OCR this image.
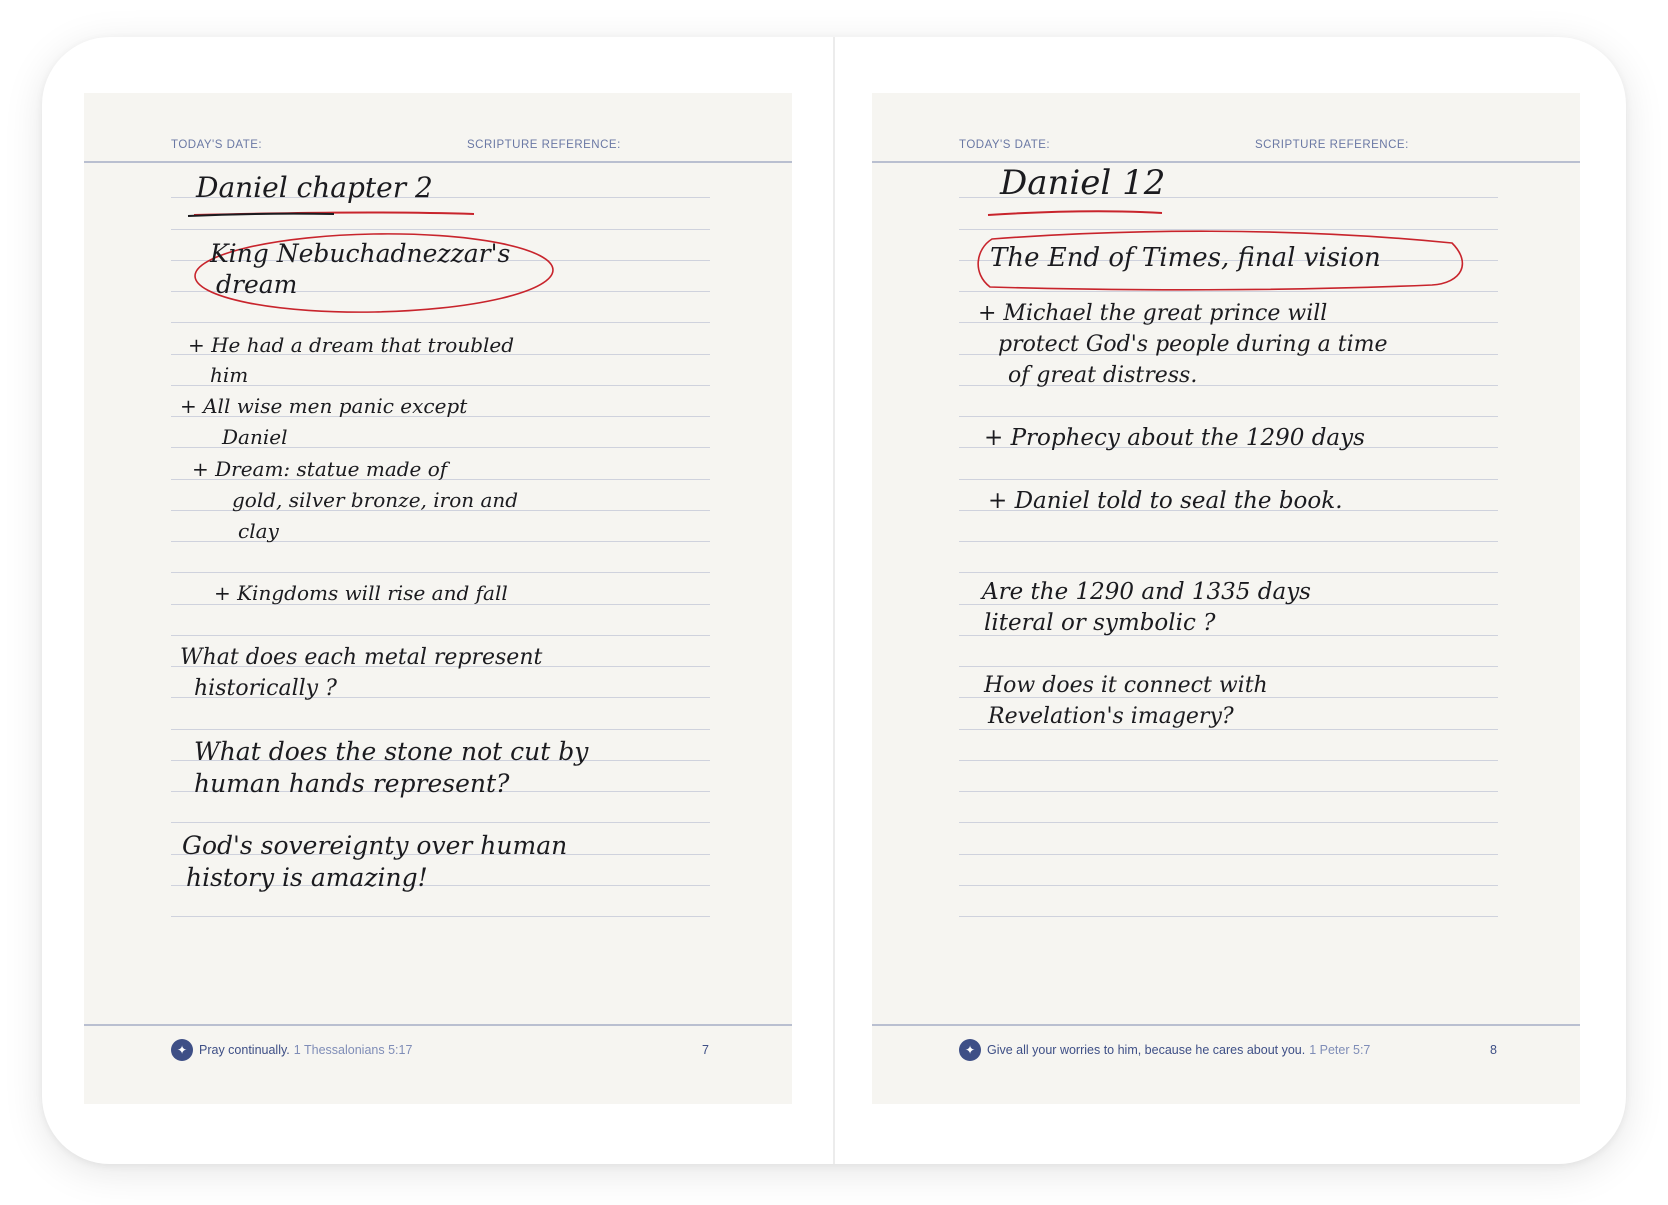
TODAY'S DATE:	SCRIPTURE REFERENCE:
Daniel chapter 2
King Nebuchadnezzar's
dream
+ He had a dream that troubled
him
+ All wise men panic except
Daniel
+ Dream: statue made of
gold, silver bronze, iron and
clay
+ Kingdoms will rise and fall
What does each metal represent
historically ?
What does the stone not cut by
human hands represent?
God's sovereignty over human
history is amazing!
✦ Pray continually. 1 Thessalonians 5:17	7
TODAY'S DATE:	SCRIPTURE REFERENCE:
Daniel 12
The End of Times, final vision
+ Michael the great prince will
protect God's people during a time
of great distress.
+ Prophecy about the 1290 days
+ Daniel told to seal the book.
Are the 1290 and 1335 days
literal or symbolic ?
How does it connect with
Revelation's imagery?
✦ Give all your worries to him, because he cares about you. 1 Peter 5:7	8
